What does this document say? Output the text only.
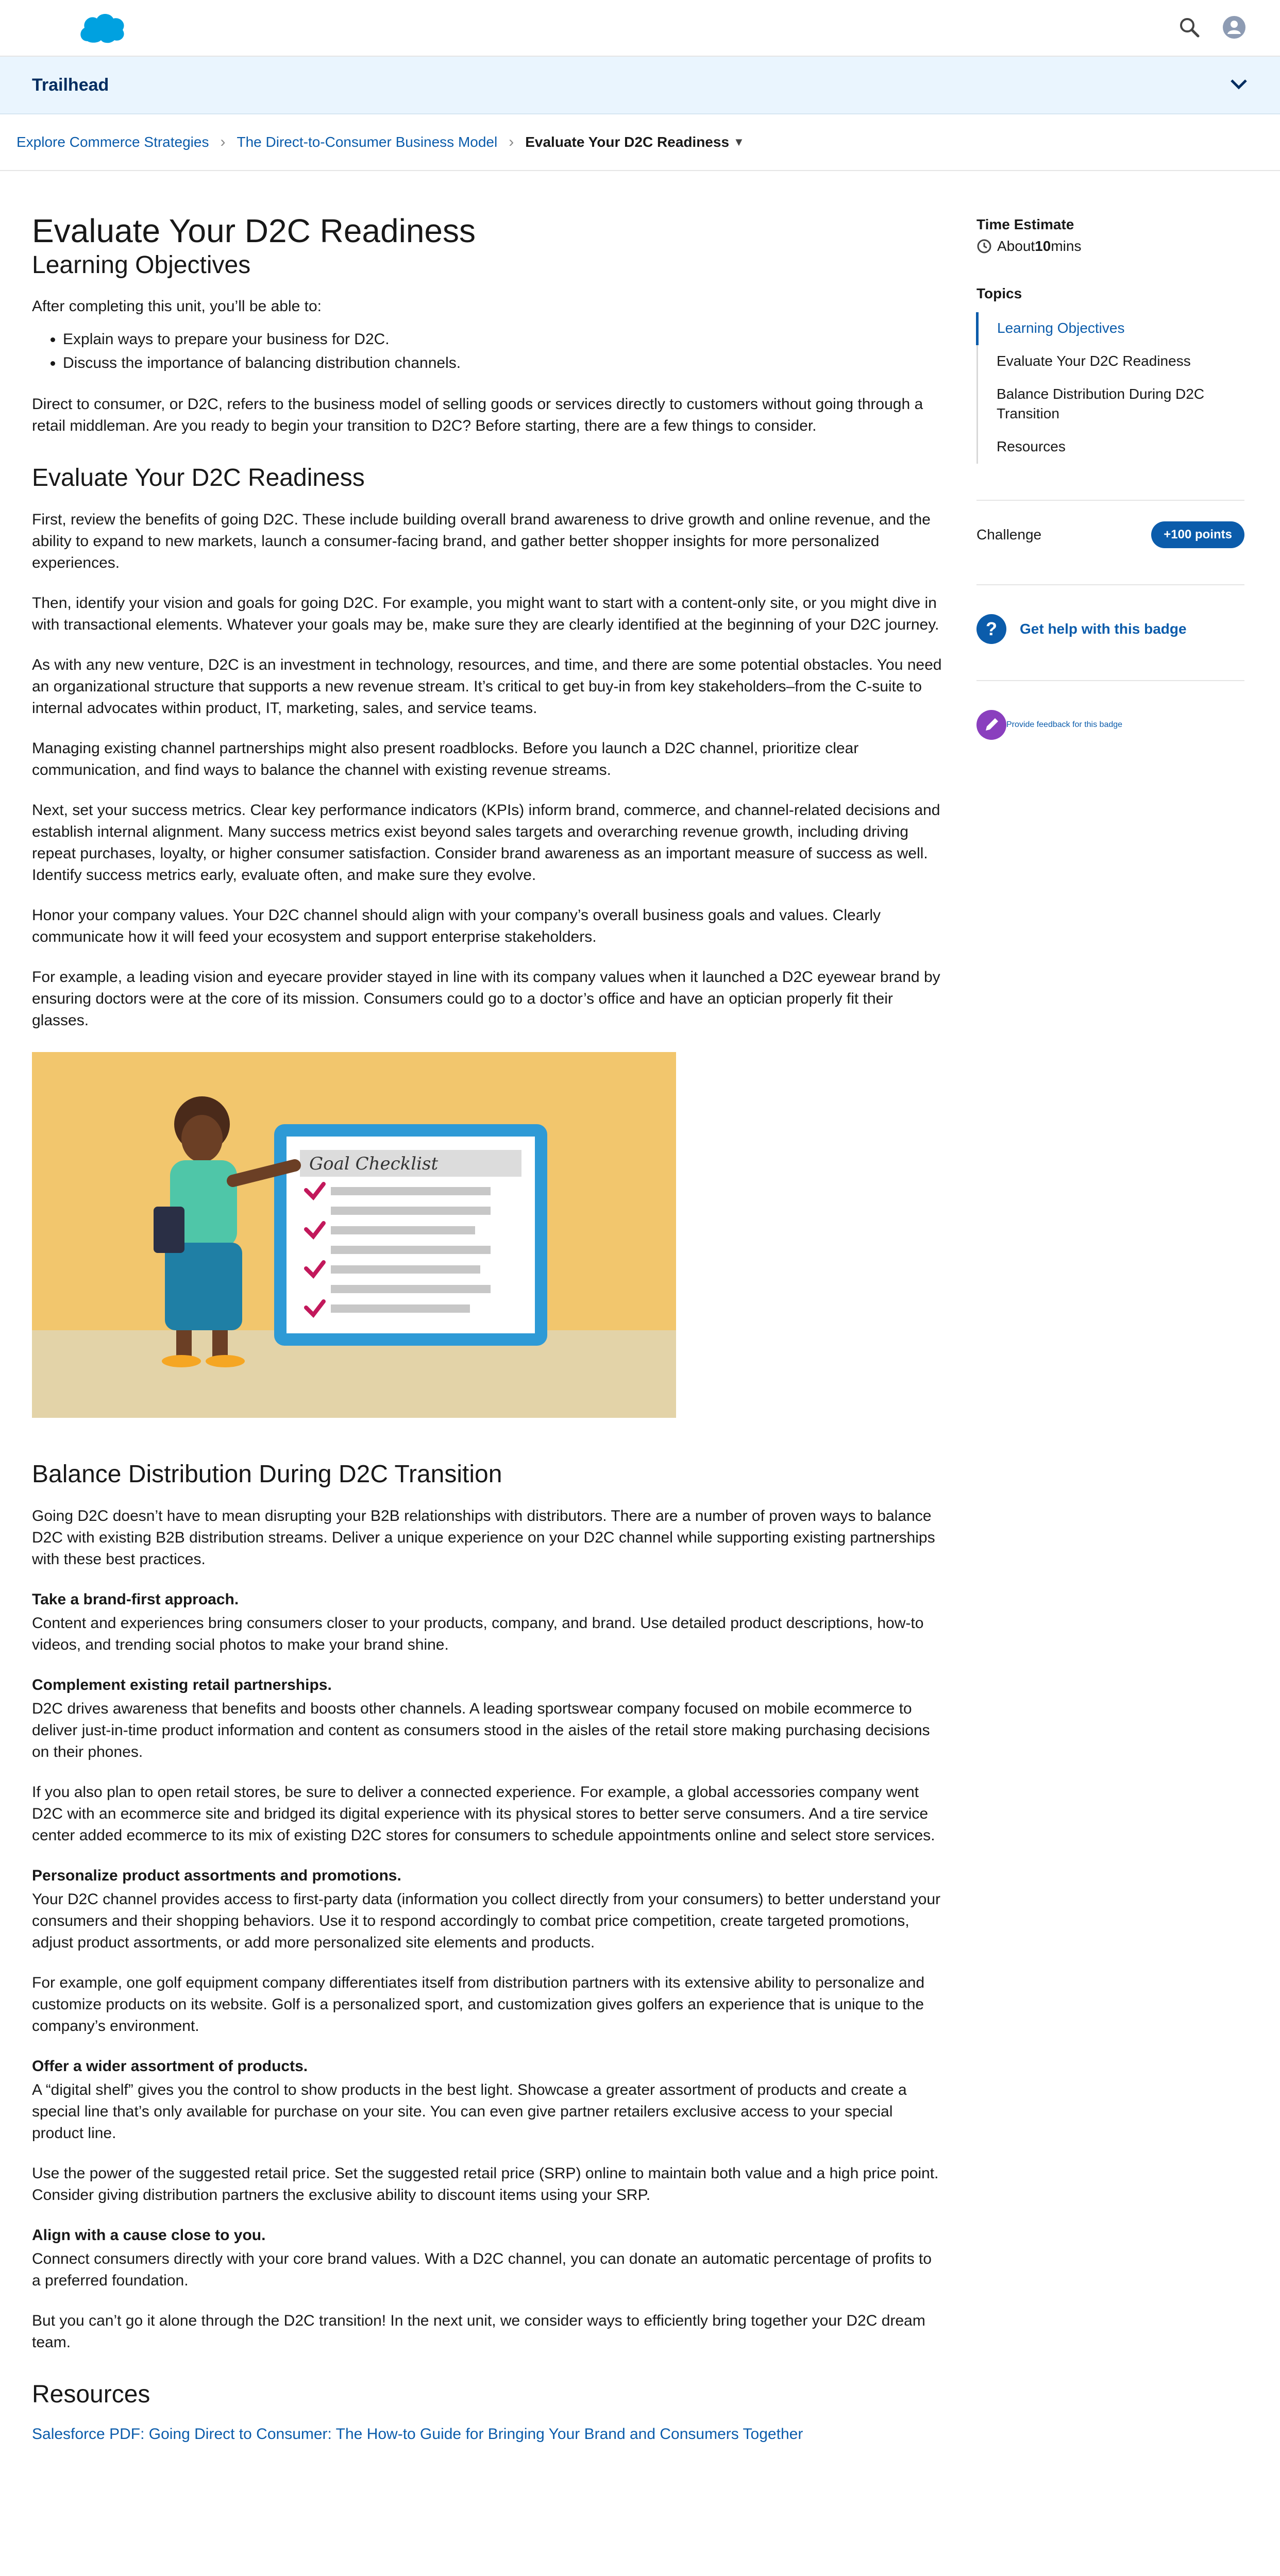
Trailhead
Explore Commerce Strategies › The Direct-to-Consumer Business Model › Evaluate Your D2C Readiness ▼
Evaluate Your D2C Readiness
Learning Objectives

After completing this unit, you’ll be able to:

• Explain ways to prepare your business for D2C.
• Discuss the importance of balancing distribution channels.

Direct to consumer, or D2C, refers to the business model of selling goods or services directly to customers without going through a retail middleman. Are you ready to begin your transition to D2C? Before starting, there are a few things to consider.

Evaluate Your D2C Readiness

First, review the benefits of going D2C. These include building overall brand awareness to drive growth and online revenue, and the ability to expand to new markets, launch a consumer-facing brand, and gather better shopper insights for more personalized experiences.

Then, identify your vision and goals for going D2C. For example, you might want to start with a content-only site, or you might dive in with transactional elements. Whatever your goals may be, make sure they are clearly identified at the beginning of your D2C journey.

As with any new venture, D2C is an investment in technology, resources, and time, and there are some potential obstacles. You need an organizational structure that supports a new revenue stream. It’s critical to get buy-in from key stakeholders–from the C-suite to internal advocates within product, IT, marketing, sales, and service teams.

Managing existing channel partnerships might also present roadblocks. Before you launch a D2C channel, prioritize clear communication, and find ways to balance the channel with existing revenue streams.

Next, set your success metrics. Clear key performance indicators (KPIs) inform brand, commerce, and channel-related decisions and establish internal alignment. Many success metrics exist beyond sales targets and overarching revenue growth, including driving repeat purchases, loyalty, or higher consumer satisfaction. Consider brand awareness as an important measure of success as well. Identify success metrics early, evaluate often, and make sure they evolve.

Honor your company values. Your D2C channel should align with your company’s overall business goals and values. Clearly communicate how it will feed your ecosystem and support enterprise stakeholders.

For example, a leading vision and eyecare provider stayed in line with its company values when it launched a D2C eyewear brand by ensuring doctors were at the core of its mission. Consumers could go to a doctor’s office and have an optician properly fit their glasses.

Goal Checklist
Balance Distribution During D2C Transition

Going D2C doesn’t have to mean disrupting your B2B relationships with distributors. There are a number of proven ways to balance D2C with existing B2B distribution streams. Deliver a unique experience on your D2C channel while supporting existing partnerships with these best practices.

Take a brand-first approach.

Content and experiences bring consumers closer to your products, company, and brand. Use detailed product descriptions, how-to videos, and trending social photos to make your brand shine.

Complement existing retail partnerships.

D2C drives awareness that benefits and boosts other channels. A leading sportswear company focused on mobile ecommerce to deliver just-in-time product information and content as consumers stood in the aisles of the retail store making purchasing decisions on their phones.

If you also plan to open retail stores, be sure to deliver a connected experience. For example, a global accessories company went D2C with an ecommerce site and bridged its digital experience with its physical stores to better serve consumers. And a tire service center added ecommerce to its mix of existing D2C stores for consumers to schedule appointments online and select store services.

Personalize product assortments and promotions.

Your D2C channel provides access to first-party data (information you collect directly from your consumers) to better understand your consumers and their shopping behaviors. Use it to respond accordingly to combat price competition, create targeted promotions, adjust product assortments, or add more personalized site elements and products.

For example, one golf equipment company differentiates itself from distribution partners with its extensive ability to personalize and customize products on its website. Golf is a personalized sport, and customization gives golfers an experience that is unique to the company’s environment.

Offer a wider assortment of products.

A “digital shelf” gives you the control to show products in the best light. Showcase a greater assortment of products and create a special line that’s only available for purchase on your site. You can even give partner retailers exclusive access to your special product line.

Use the power of the suggested retail price. Set the suggested retail price (SRP) online to maintain both value and a high price point. Consider giving distribution partners the exclusive ability to discount items using your SRP.

Align with a cause close to you.

Connect consumers directly with your core brand values. With a D2C channel, you can donate an automatic percentage of profits to a preferred foundation.

But you can’t go it alone through the D2C transition! In the next unit, we consider ways to efficiently bring together your D2C dream team.

Resources
Salesforce PDF: Going Direct to Consumer: The How-to Guide for Bringing Your Brand and Consumers Together
Time Estimate
About 10 mins
Topics
Learning Objectives
Evaluate Your D2C Readiness
Balance Distribution During D2C Transition
Resources
Challenge	+100 points
?	Get help with this badge
Provide feedback for this badge
